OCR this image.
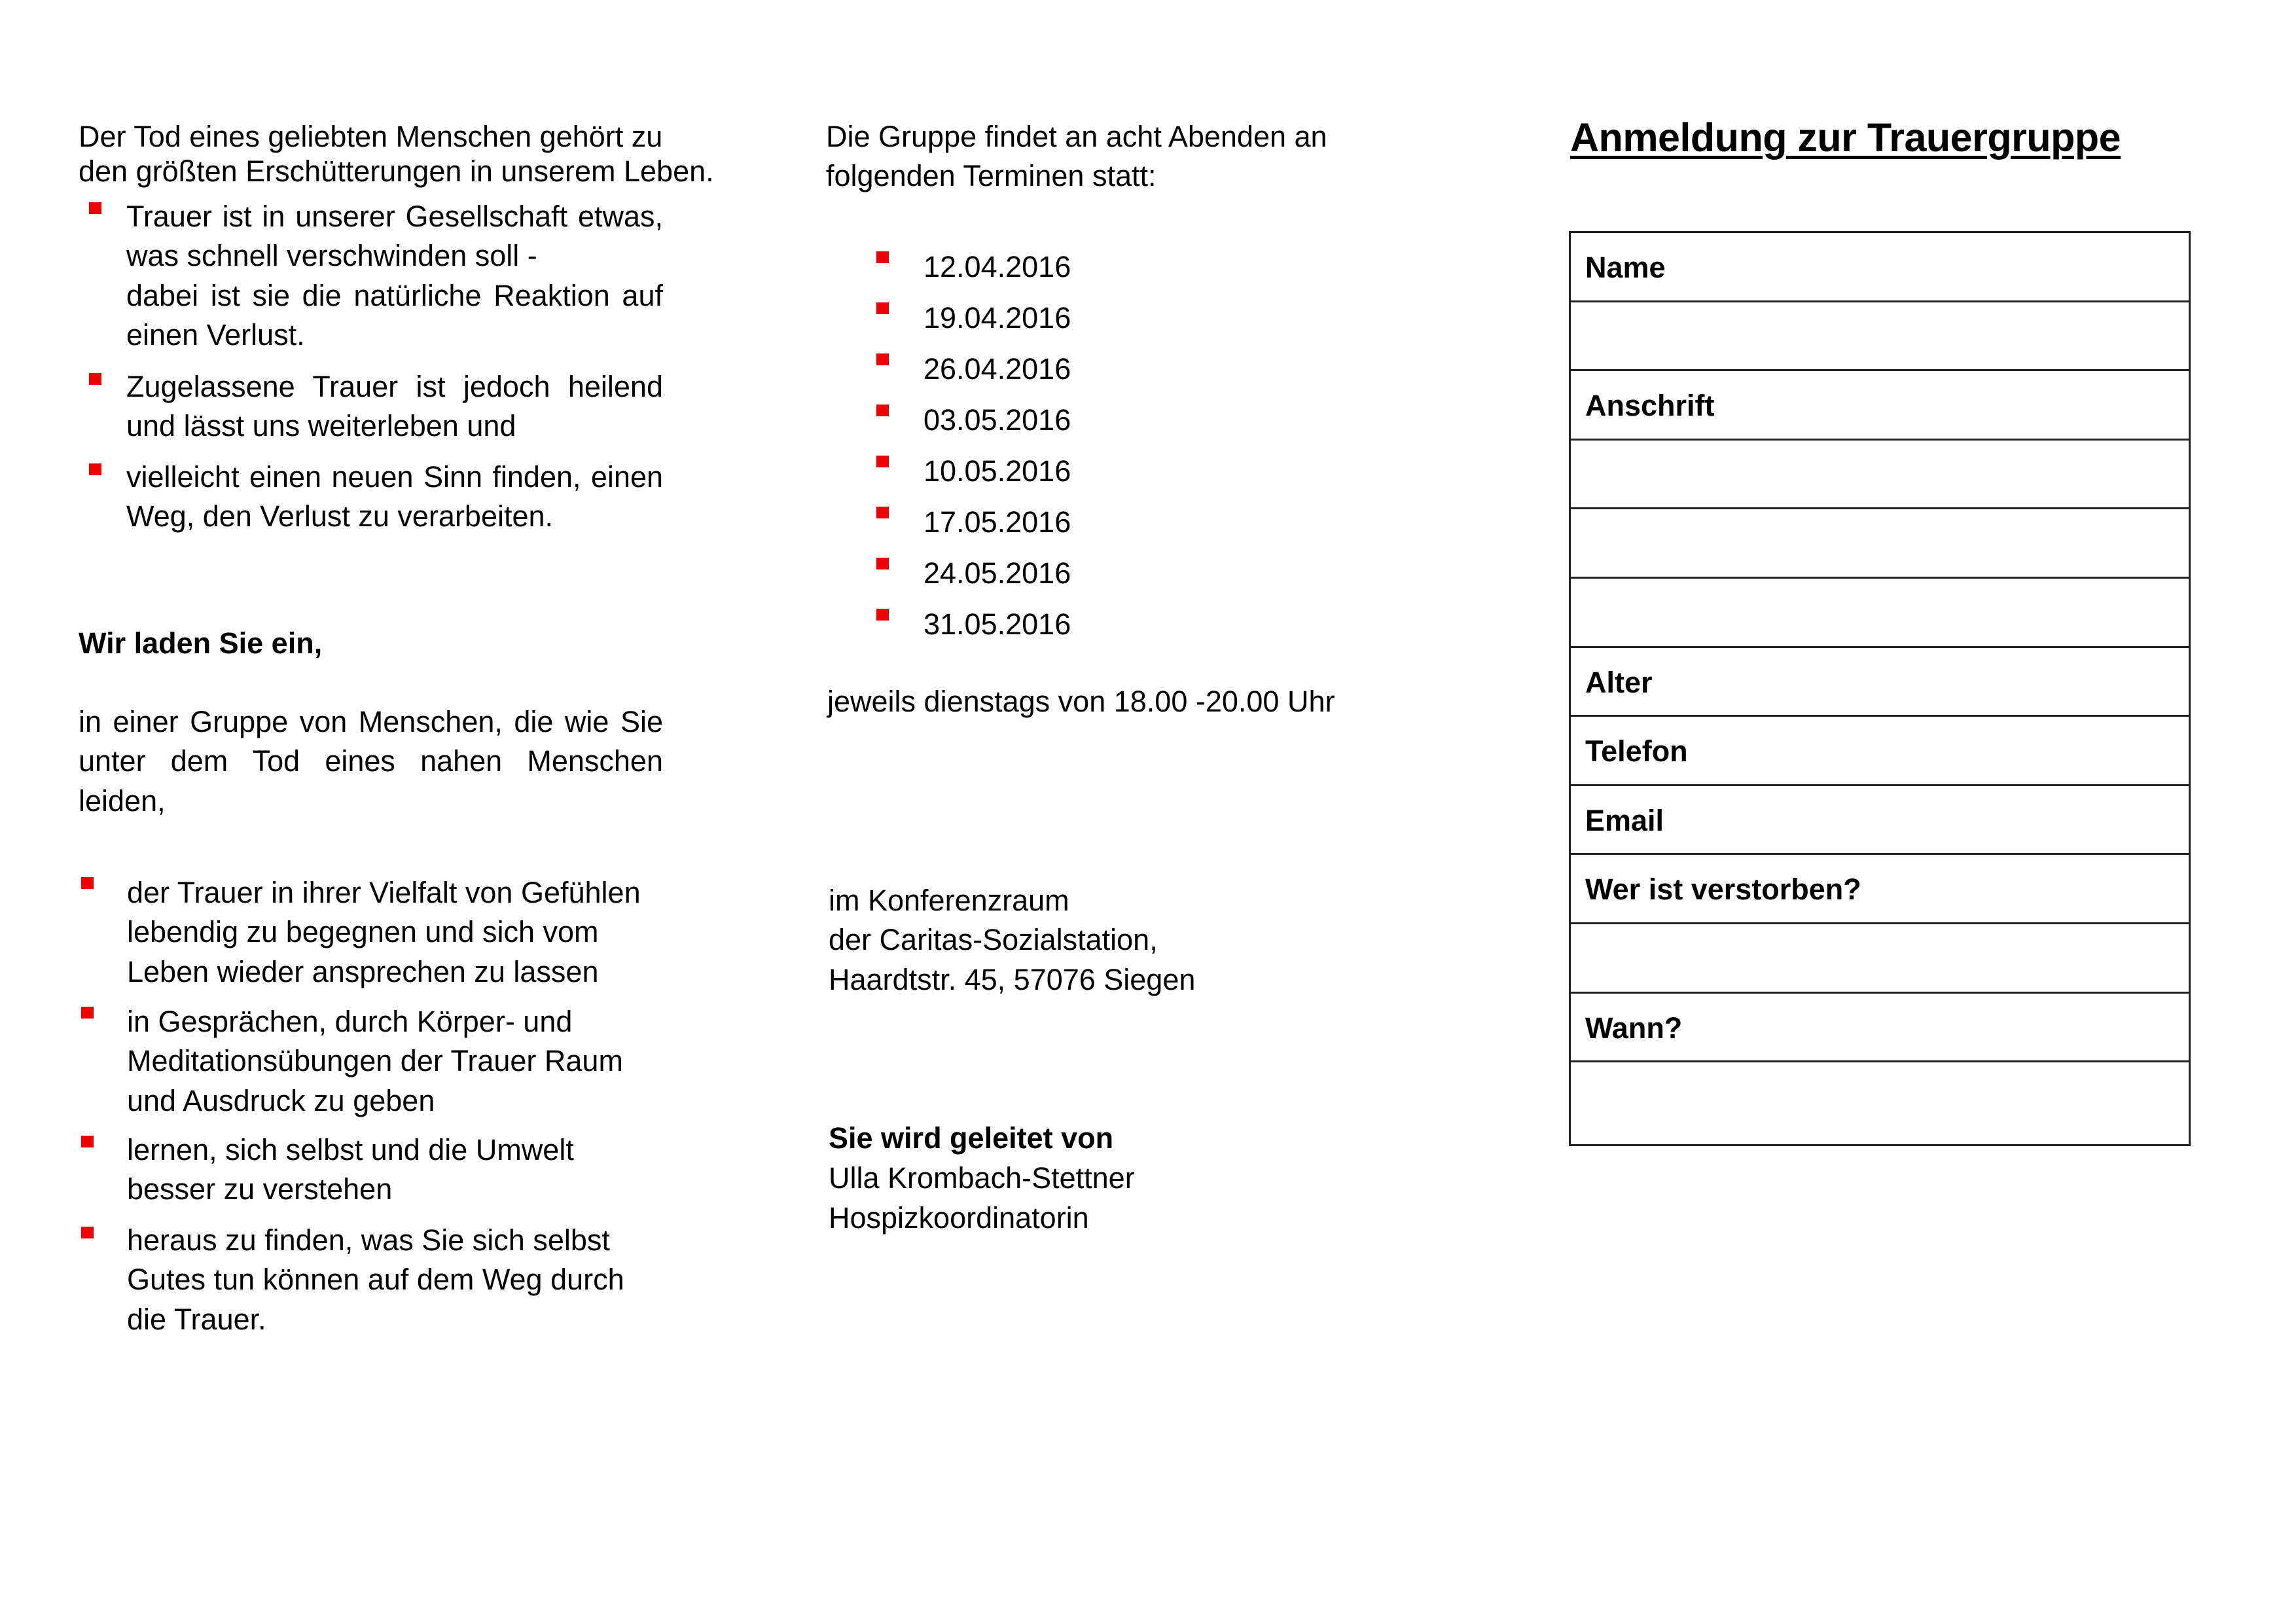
Der Tod eines geliebten Menschen gehört zu
den größten Erschütterungen in unserem Leben.
Trauer ist in unserer Gesellschaft etwas,
was schnell verschwinden soll -
dabei ist sie die natürliche Reaktion auf
einen Verlust.
Zugelassene Trauer ist jedoch heilend
und lässt uns weiterleben und
vielleicht einen neuen Sinn finden, einen
Weg, den Verlust zu verarbeiten.
Wir laden Sie ein,
in einer Gruppe von Menschen, die wie Sie
unter dem Tod eines nahen Menschen
leiden,
der Trauer in ihrer Vielfalt von Gefühlen
lebendig zu begegnen und sich vom
Leben wieder ansprechen zu lassen
in Gesprächen, durch Körper- und
Meditationsübungen der Trauer Raum
und Ausdruck zu geben
lernen, sich selbst und die Umwelt
besser zu verstehen
heraus zu finden, was Sie sich selbst
Gutes tun können auf dem Weg durch
die Trauer.
Die Gruppe findet an acht Abenden an
folgenden Terminen statt:
12.04.2016
19.04.2016
26.04.2016
03.05.2016
10.05.2016
17.05.2016
24.05.2016
31.05.2016
jeweils dienstags von 18.00 -20.00 Uhr
im Konferenzraum
der Caritas-Sozialstation,
Haardtstr. 45, 57076 Siegen
Sie wird geleitet von
Ulla Krombach-Stettner
Hospizkoordinatorin
Anmeldung zur Trauergruppe
Name
Anschrift
Alter
Telefon
Email
Wer ist verstorben?
Wann?
